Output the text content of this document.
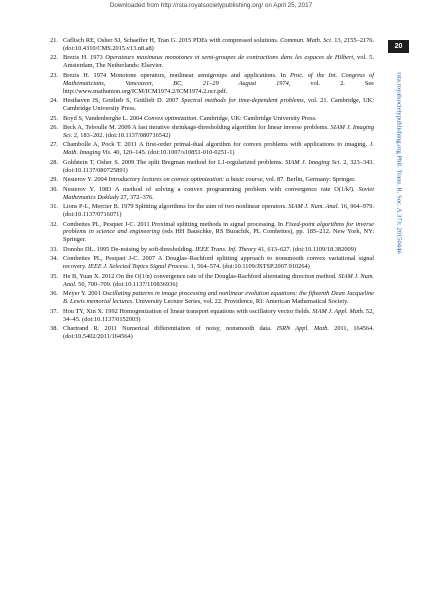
Downloaded from http://rsta.royalsocietypublishing.org/ on April 25, 2017
20
rsta.royalsocietypublishing.org Phil. Trans. R. Soc. A 373: 20150446
21. Caflisch RE, Osher SJ, Schaeffer H, Tran G. 2015 PDEs with compressed solutions. Commun. Math. Sci. 13, 2155–2176. (doi:10.4310/CMS.2015.v13.n8.a8)
22. Brezis H. 1973 Operateurs maximaux monotones et semi-groupes de contractions dans les espaces de Hilbert, vol. 5. Amsterdam, The Netherlands: Elsevier.
23. Brezis H. 1974 Monotone operators, nonlinear semigroups and applications. In Proc. of the Int. Congress of Mathematicians, Vancouver, BC, 21–29 August 1974, vol. 2. See http://www.mathunion.org/ICM/ICM1974.2/ICM1974.2.ocr.pdf.
24. Hesthaven JS, Gottlieb S, Gottlieb D. 2007 Spectral methods for time-dependent problems, vol. 21. Cambridge, UK: Cambridge University Press.
25. Boyd S, Vandenberghe L. 2004 Convex optimization. Cambridge, UK: Cambridge University Press.
26. Beck A, Teboulle M. 2009 A fast iterative shrinkage-thresholding algorithm for linear inverse problems. SIAM J. Imaging Sci. 2, 183–202. (doi:10.1137/080716542)
27. Chambolle A, Pock T. 2011 A first-order primal-dual algorithm for convex problems with applications to imaging. J. Math. Imaging Vis. 40, 120–145. (doi:10.1007/s10851-010-0251-1)
28. Goldstein T, Osher S. 2009 The split Bregman method for L1-regularized problems. SIAM J. Imaging Sci. 2, 323–343. (doi:10.1137/080725891)
29. Nesterov Y. 2004 Introductory lectures on convex optimization: a basic course, vol. 87. Berlin, Germany: Springer.
30. Nesterov Y. 1983 A method of solving a convex programming problem with convergence rate O(1/k²). Soviet Mathematics Doklady 27, 372–376.
31. Lions P-L, Mercier B. 1979 Splitting algorithms for the sum of two nonlinear operators. SIAM J. Num. Anal. 16, 964–979. (doi:10.1137/0716071)
32. Combettes PL, Pesquet J-C. 2011 Proximal splitting methods in signal processing. In Fixed-point algorithms for inverse problems in science and engineering (eds HH Bauschke, RS Burachik, PL Combettes), pp. 185–212. New York, NY: Springer.
33. Donoho DL. 1995 De-noising by soft-thresholding. IEEE Trans. Inf. Theory 41, 613–627. (doi:10.1109/18.382009)
34. Combettes PL, Pesquet J-C. 2007 A Douglas–Rachford splitting approach to nonsmooth convex variational signal recovery. IEEE J. Selected Topics Signal Process. 1, 564–574. (doi:10.1109/JSTSP.2007.910264)
35. He B, Yuan X. 2012 On the O(1/n) convergence rate of the Douglas-Rachford alternating direction method. SIAM J. Num. Anal. 50, 700–709. (doi:10.1137/110836936)
36. Meyer Y. 2001 Oscillating patterns in image processing and nonlinear evolution equations: the fifteenth Dean Jacqueline B. Lewis memorial lectures. University Lecture Series, vol. 22. Providence, RI: American Mathematical Society.
37. Hou TY, Xin X. 1992 Homogenization of linear transport equations with oscillatory vector fields. SIAM J. Appl. Math. 52, 34–45. (doi:10.1137/0152003)
38. Chartrand R. 2011 Numerical differentiation of noisy, nonsmooth data. ISRN Appl. Math. 2011, 164564. (doi:10.5402/2011/164564)
